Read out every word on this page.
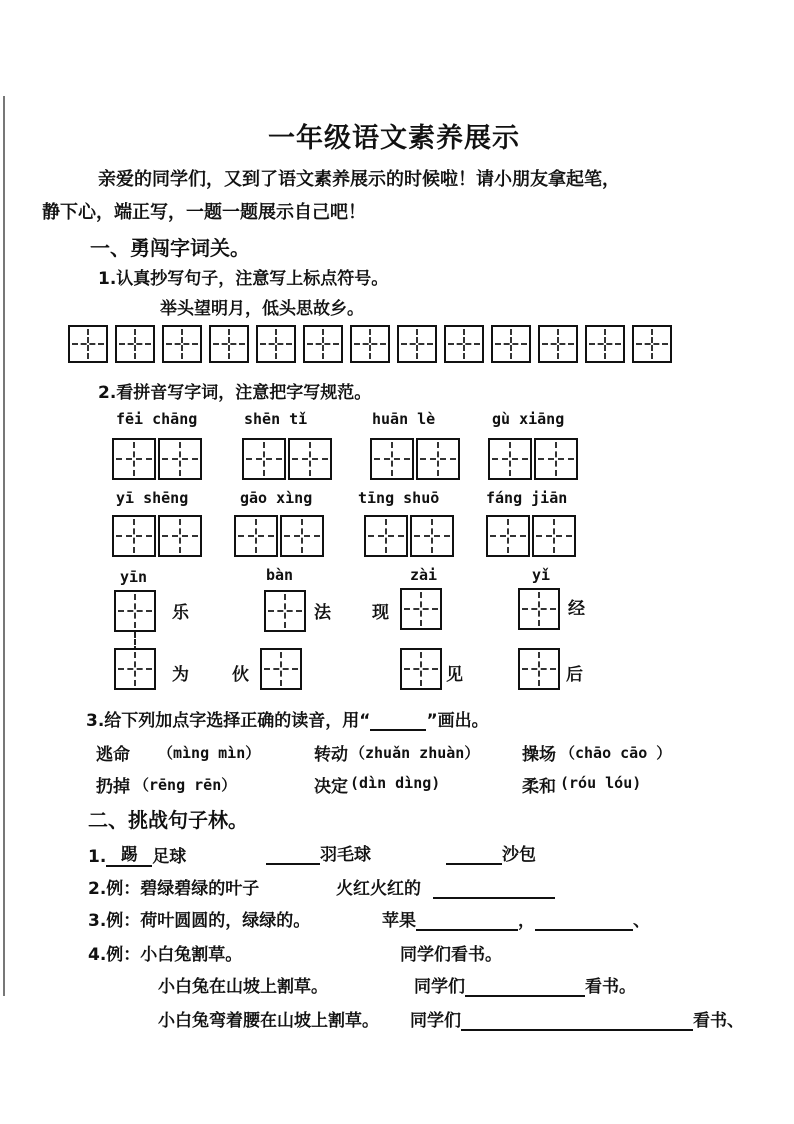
一年级语文素养展示
亲爱的同学们，又到了语文素养展示的时候啦！请小朋友拿起笔，
静下心，端正写，一题一题展示自己吧！
一、勇闯字词关。
1.认真抄写句子，注意写上标点符号。
举头望明月，低头思故乡。
2.看拼音写字词，注意把字写规范。
fēi chāng	shēn tǐ	huān lè	gù xiāng
yī shēng	gāo xìng	tīng shuō	fáng jiān
yīn	bàn	zài	yǐ
乐	法 现	经
为	伙	见	后
3.给下列加点字选择正确的读音，用“	”画出。
逃命 （mìng mìn）	转动 （zhuǎn zhuàn）	操场 （chāo cāo ）
扔掉 （rēng rēn）	决定 (dìn dìng)	柔和 (róu lóu)
二、挑战句子林。
1. 踢 足球	羽毛球	沙包
2.例：碧绿碧绿的叶子	火红火红的
3.例：荷叶圆圆的，绿绿的。	苹果	，	、
4.例：小白兔割草。	同学们看书。
小白兔在山坡上割草。	同学们	看书。
小白兔弯着腰在山坡上割草。 同学们	看书、
